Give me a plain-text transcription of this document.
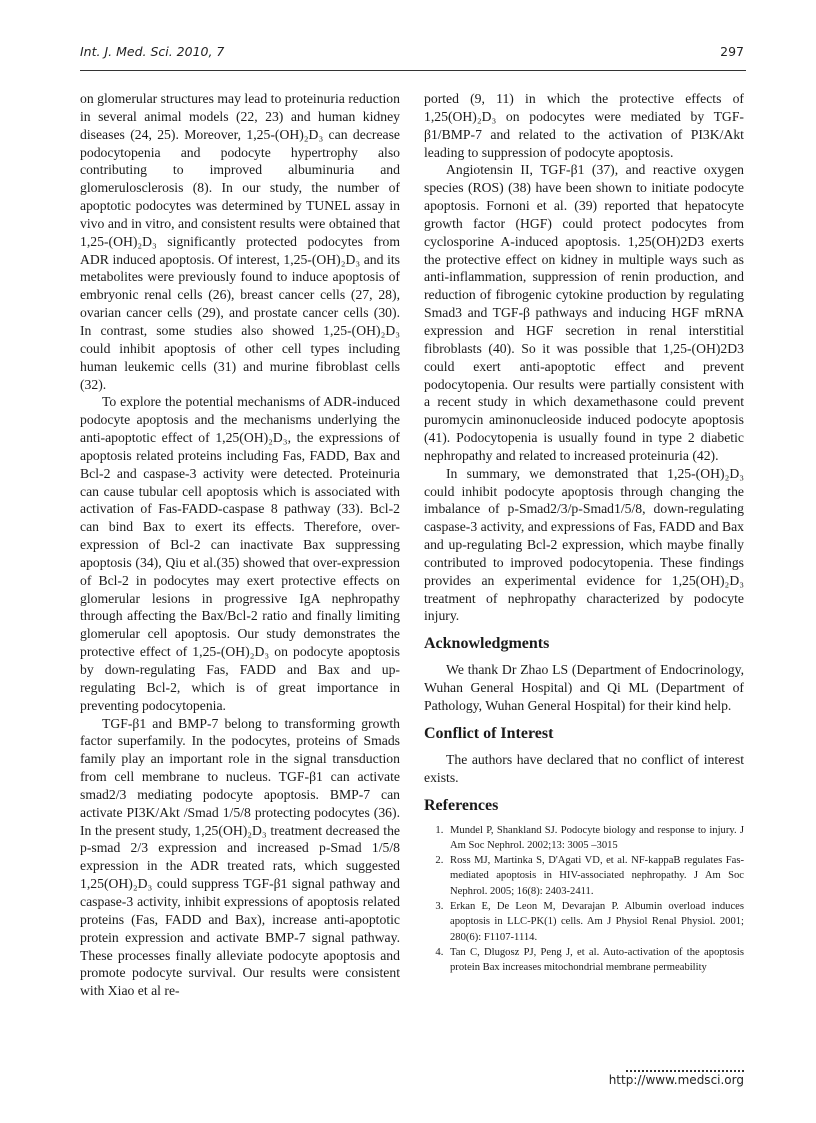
Int. J. Med. Sci. 2010, 7	297

on glomerular structures may lead to proteinuria reduction in several animal models (22, 23) and human kidney diseases (24, 25). Moreover, 1,25-(OH)₂D₃ can decrease podocytopenia and podocyte hypertrophy also contributing to improved albuminuria and glomerulosclerosis (8). In our study, the number of apoptotic podocytes was determined by TUNEL assay in vivo and in vitro, and consistent results were obtained that 1,25-(OH)₂D₃ significantly protected podocytes from ADR induced apoptosis. Of interest, 1,25-(OH)₂D₃ and its metabolites were previously found to induce apoptosis of embryonic renal cells (26), breast cancer cells (27, 28), ovarian cancer cells (29), and prostate cancer cells (30). In contrast, some studies also showed 1,25-(OH)₂D₃ could inhibit apoptosis of other cell types including human leukemic cells (31) and murine fibroblast cells (32).

To explore the potential mechanisms of ADR-induced podocyte apoptosis and the mechanisms underlying the anti-apoptotic effect of 1,25(OH)₂D₃, the expressions of apoptosis related proteins including Fas, FADD, Bax and Bcl-2 and caspase-3 activity were detected. Proteinuria can cause tubular cell apoptosis which is associated with activation of Fas-FADD-caspase 8 pathway (33). Bcl-2 can bind Bax to exert its effects. Therefore, over-expression of Bcl-2 can inactivate Bax suppressing apoptosis (34), Qiu et al.(35) showed that over-expression of Bcl-2 in podocytes may exert protective effects on glomerular lesions in progressive IgA nephropathy through affecting the Bax/Bcl-2 ratio and finally limiting glomerular cell apoptosis. Our study demonstrates the protective effect of 1,25-(OH)₂D₃ on podocyte apoptosis by down-regulating Fas, FADD and Bax and up-regulating Bcl-2, which is of great importance in preventing podocytopenia.

TGF-β1 and BMP-7 belong to transforming growth factor superfamily. In the podocytes, proteins of Smads family play an important role in the signal transduction from cell membrane to nucleus. TGF-β1 can activate smad2/3 mediating podocyte apoptosis. BMP-7 can activate PI3K/Akt /Smad 1/5/8 protecting podocytes (36). In the present study, 1,25(OH)₂D₃ treatment decreased the p-smad 2/3 expression and increased p-Smad 1/5/8 expression in the ADR treated rats, which suggested 1,25(OH)₂D₃ could suppress TGF-β1 signal pathway and caspase-3 activity, inhibit expressions of apoptosis related proteins (Fas, FADD and Bax), increase anti-apoptotic protein expression and activate BMP-7 signal pathway. These processes finally alleviate podocyte apoptosis and promote podocyte survival. Our results were consistent with Xiao et al re-

ported (9, 11) in which the protective effects of 1,25(OH)₂D₃ on podocytes were mediated by TGF-β1/BMP-7 and related to the activation of PI3K/Akt leading to suppression of podocyte apoptosis.

Angiotensin II, TGF-β1 (37), and reactive oxygen species (ROS) (38) have been shown to initiate podocyte apoptosis. Fornoni et al. (39) reported that hepatocyte growth factor (HGF) could protect podocytes from cyclosporine A-induced apoptosis. 1,25(OH)2D3 exerts the protective effect on kidney in multiple ways such as anti-inflammation, suppression of renin production, and reduction of fibrogenic cytokine production by regulating Smad3 and TGF-β pathways and inducing HGF mRNA expression and HGF secretion in renal interstitial fibroblasts (40). So it was possible that 1,25-(OH)2D3 could exert anti-apoptotic effect and prevent podocytopenia. Our results were partially consistent with a recent study in which dexamethasone could prevent puromycin aminonucleoside induced podocyte apoptosis (41). Podocytopenia is usually found in type 2 diabetic nephropathy and related to increased proteinuria (42).

In summary, we demonstrated that 1,25-(OH)₂D₃ could inhibit podocyte apoptosis through changing the imbalance of p-Smad2/3/p-Smad1/5/8, down-regulating caspase-3 activity, and expressions of Fas, FADD and Bax and up-regulating Bcl-2 expression, which maybe finally contributed to improved podocytopenia. These findings provides an experimental evidence for 1,25(OH)₂D₃ treatment of nephropathy characterized by podocyte injury.

Acknowledgments

We thank Dr Zhao LS (Department of Endocrinology, Wuhan General Hospital) and Qi ML (Department of Pathology, Wuhan General Hospital) for their kind help.

Conflict of Interest

The authors have declared that no conflict of interest exists.

References
1. Mundel P, Shankland SJ. Podocyte biology and response to injury. J Am Soc Nephrol. 2002;13: 3005 –3015
2. Ross MJ, Martinka S, D'Agati VD, et al. NF-kappaB regulates Fas-mediated apoptosis in HIV-associated nephropathy. J Am Soc Nephrol. 2005; 16(8): 2403-2411.
3. Erkan E, De Leon M, Devarajan P. Albumin overload induces apoptosis in LLC-PK(1) cells. Am J Physiol Renal Physiol. 2001; 280(6): F1107-1114.
4. Tan C, Dlugosz PJ, Peng J, et al. Auto-activation of the apoptosis protein Bax increases mitochondrial membrane permeability
http://www.medsci.org
